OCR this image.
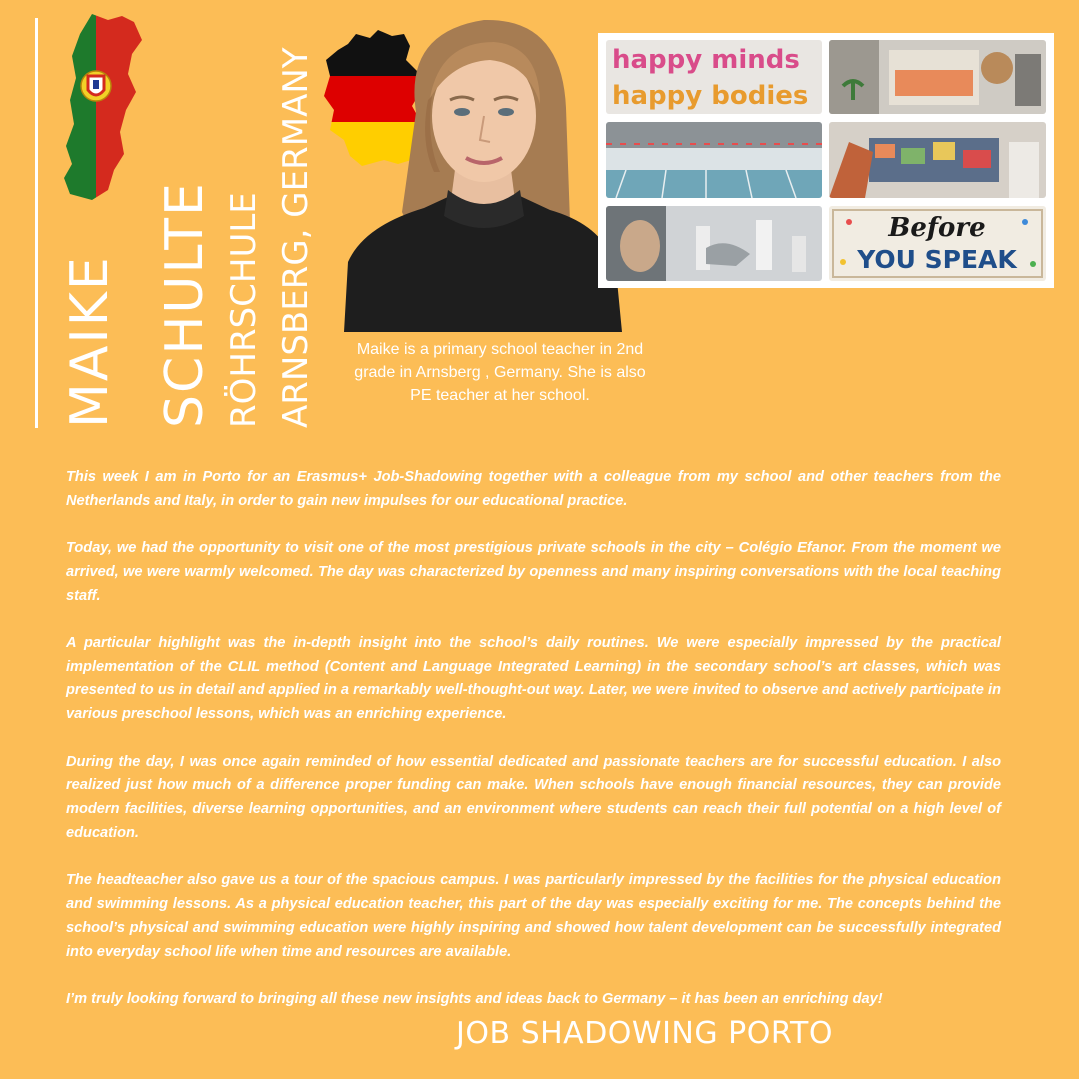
MAIKE SCHULTE RÖHRSCHULE ARNSBERG, GERMANY	Maike is a primary school teacher in 2nd grade in Arnsberg , Germany. She is also PE teacher at her school.
happy minds
happy bodies
Before
YOU SPEAK

This week I am in Porto for an Erasmus+ Job-Shadowing together with a colleague from my school and other teachers from the Netherlands and Italy, in order to gain new impulses for our educational practice.

Today, we had the opportunity to visit one of the most prestigious private schools in the city – Colégio Efanor. From the moment we arrived, we were warmly welcomed. The day was characterized by openness and many inspiring conversations with the local teaching staff.

A particular highlight was the in-depth insight into the school’s daily routines. We were especially impressed by the practical implementation of the CLIL method (Content and Language Integrated Learning) in the secondary school’s art classes, which was presented to us in detail and applied in a remarkably well-thought-out way. Later, we were invited to observe and actively participate in various preschool lessons, which was an enriching experience.

During the day, I was once again reminded of how essential dedicated and passionate teachers are for successful education. I also realized just how much of a difference proper funding can make. When schools have enough financial resources, they can provide modern facilities, diverse learning opportunities, and an environment where students can reach their full potential on a high level of education.

The headteacher also gave us a tour of the spacious campus. I was particularly impressed by the facilities for the physical education and swimming lessons. As a physical education teacher, this part of the day was especially exciting for me. The concepts behind the school’s physical and swimming education were highly inspiring and showed how talent development can be successfully integrated into everyday school life when time and resources are available.

I’m truly looking forward to bringing all these new insights and ideas back to Germany – it has been an enriching day!

JOB SHADOWING PORTO
